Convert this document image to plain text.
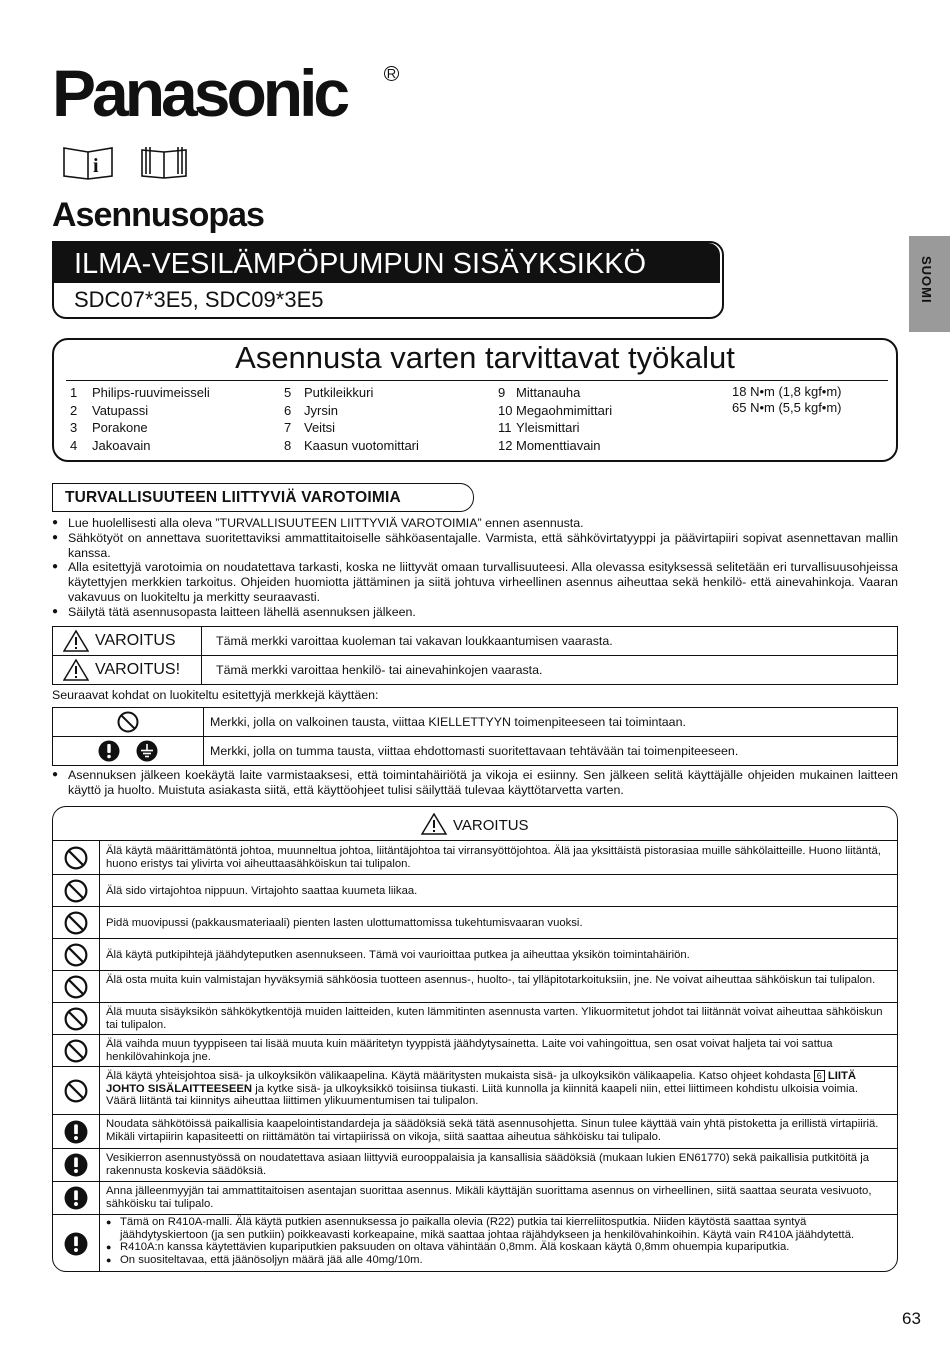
Panasonic	R
i
Asennusopas
SUOMI
ILMA-VESILÄMPÖPUMPUN SISÄYKSIKKÖ
SDC07*3E5, SDC09*3E5
Asennusta varten tarvittavat työkalut
1 Philips-ruuvimeisseli
2 Vatupassi
3 Porakone
4 Jakoavain
5 Putkileikkuri
6 Jyrsin
7 Veitsi
8 Kaasun vuotomittari
9 Mittanauha
10 Megaohmimittari
11 Yleismittari
12 Momenttiavain
18 N•m (1,8 kgf•m)
65 N•m (5,5 kgf•m)
TURVALLISUUTEEN LIITTYVIÄ VAROTOIMIA
● Lue huolellisesti alla oleva ”TURVALLISUUTEEN LIITTYVIÄ VAROTOIMIA” ennen asennusta.
● Sähkötyöt on annettava suoritettaviksi ammattitaitoiselle sähköasentajalle. Varmista, että sähkövirtatyyppi ja päävirtapiiri sopivat asennettavan mallin kanssa.
● Alla esitettyjä varotoimia on noudatettava tarkasti, koska ne liittyvät omaan turvallisuuteesi. Alla olevassa esityksessä selitetään eri turvallisuusohjeissa käytettyjen merkkien tarkoitus. Ohjeiden huomiotta jättäminen ja siitä johtuva virheellinen asennus aiheuttaa sekä henkilö- että ainevahinkoja. Vaaran vakavuus on luokiteltu ja merkitty seuraavasti.
● Säilytä tätä asennusopasta laitteen lähellä asennuksen jälkeen.
VAROITUS	Tämä merkki varoittaa kuoleman tai vakavan loukkaantumisen vaarasta.

VAROITUS!	Tämä merkki varoittaa henkilö- tai ainevahinkojen vaarasta.
Seuraavat kohdat on luokiteltu esitettyjä merkkejä käyttäen:
	Merkki, jolla on valkoinen tausta, viittaa KIELLETTYYN toimenpiteeseen tai toimintaan.

	Merkki, jolla on tumma tausta, viittaa ehdottomasti suoritettavaan tehtävään tai toimenpiteeseen.
● Asennuksen jälkeen koekäytä laite varmistaaksesi, että toimintahäiriötä ja vikoja ei esiinny. Sen jälkeen selitä käyttäjälle ohjeiden mukainen laitteen käyttö ja huolto. Muistuta asiakasta siitä, että käyttöohjeet tulisi säilyttää tulevaa käyttötarvetta varten.
VAROITUS
Älä käytä määrittämätöntä johtoa, muunneltua johtoa, liitäntäjohtoa tai virransyöttöjohtoa. Älä jaa yksittäistä pistorasiaa muille sähkölaitteille. Huono liitäntä, huono eristys tai ylivirta voi aiheuttaasähköiskun tai tulipalon.
Älä sido virtajohtoa nippuun. Virtajohto saattaa kuumeta liikaa.
Pidä muovipussi (pakkausmateriaali) pienten lasten ulottumattomissa tukehtumisvaaran vuoksi.
Älä käytä putkipihtejä jäähdyteputken asennukseen. Tämä voi vaurioittaa putkea ja aiheuttaa yksikön toimintahäiriön.
Älä osta muita kuin valmistajan hyväksymiä sähköosia tuotteen asennus-, huolto-, tai ylläpitotarkoituksiin, jne. Ne voivat aiheuttaa sähköiskun tai tulipalon.
Älä muuta sisäyksikön sähkökytkentöjä muiden laitteiden, kuten lämmitinten asennusta varten. Ylikuormitetut johdot tai liitännät voivat aiheuttaa sähköiskun tai tulipalon.
Älä vaihda muun tyyppiseen tai lisää muuta kuin määritetyn tyyppistä jäähdytysainetta. Laite voi vahingoittua, sen osat voivat haljeta tai voi sattua henkilövahinkoja jne.
Älä käytä yhteisjohtoa sisä- ja ulkoyksikön välikaapelina. Käytä määritysten mukaista sisä- ja ulkoyksikön välikaapelia. Katso ohjeet kohdasta 6 LIITÄ JOHTO SISÄLAITTEESEEN ja kytke sisä- ja ulkoyksikkö toisiinsa tiukasti. Liitä kunnolla ja kiinnitä kaapeli niin, ettei liittimeen kohdistu ulkoisia voimia. Väärä liitäntä tai kiinnitys aiheuttaa liittimen ylikuumentumisen tai tulipalon.
Noudata sähkötöissä paikallisia kaapelointistandardeja ja säädöksiä sekä tätä asennusohjetta. Sinun tulee käyttää vain yhtä pistoketta ja erillistä virtapiiriä. Mikäli virtapiirin kapasiteetti on riittämätön tai virtapiirissä on vikoja, siitä saattaa aiheutua sähköisku tai tulipalo.
Vesikierron asennustyössä on noudatettava asiaan liittyviä eurooppalaisia ja kansallisia säädöksiä (mukaan lukien EN61770) sekä paikallisia putkitöitä ja rakennusta koskevia säädöksiä.
Anna jälleenmyyjän tai ammattitaitoisen asentajan suorittaa asennus. Mikäli käyttäjän suorittama asennus on virheellinen, siitä saattaa seurata vesivuoto, sähköisku tai tulipalo.
● Tämä on R410A-malli. Älä käytä putkien asennuksessa jo paikalla olevia (R22) putkia tai kierreliitosputkia. Niiden käytöstä saattaa syntyä jäähdytyskiertoon (ja sen putkiin) poikkeavasti korkeapaine, mikä saattaa johtaa räjähdykseen ja henkilövahinkoihin. Käytä vain R410A jäähdytettä.
● R410A:n kanssa käytettävien kupariputkien paksuuden on oltava vähintään 0,8mm. Älä koskaan käytä 0,8mm ohuempia kupariputkia.
● On suositeltavaa, että jäänösoljyn määrä jää alle 40mg/10m.
63
